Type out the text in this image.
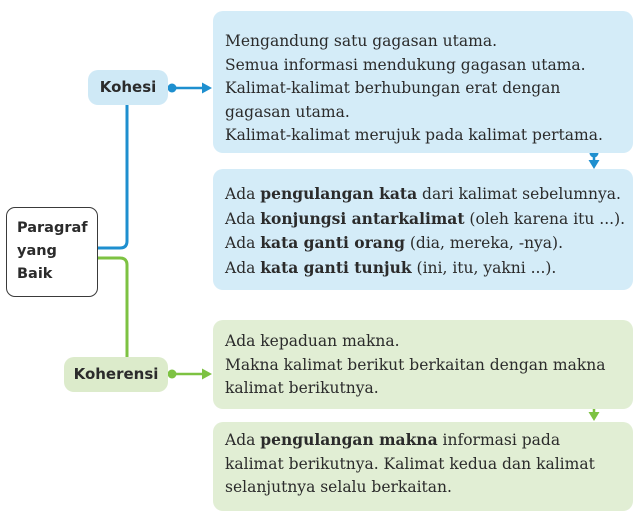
Paragraf
yang
Baik
Kohesi
Koherensi
Mengandung satu gagasan utama.
Semua informasi mendukung gagasan utama.
Kalimat-kalimat berhubungan erat dengan
gagasan utama.
Kalimat-kalimat merujuk pada kalimat pertama.
Ada pengulangan kata dari kalimat sebelumnya.
Ada konjungsi antarkalimat (oleh karena itu ...).
Ada kata ganti orang (dia, mereka, -nya).
Ada kata ganti tunjuk (ini, itu, yakni ...).
Ada kepaduan makna.
Makna kalimat berikut berkaitan dengan makna
kalimat berikutnya.
Ada pengulangan makna informasi pada
kalimat berikutnya. Kalimat kedua dan kalimat
selanjutnya selalu berkaitan.
